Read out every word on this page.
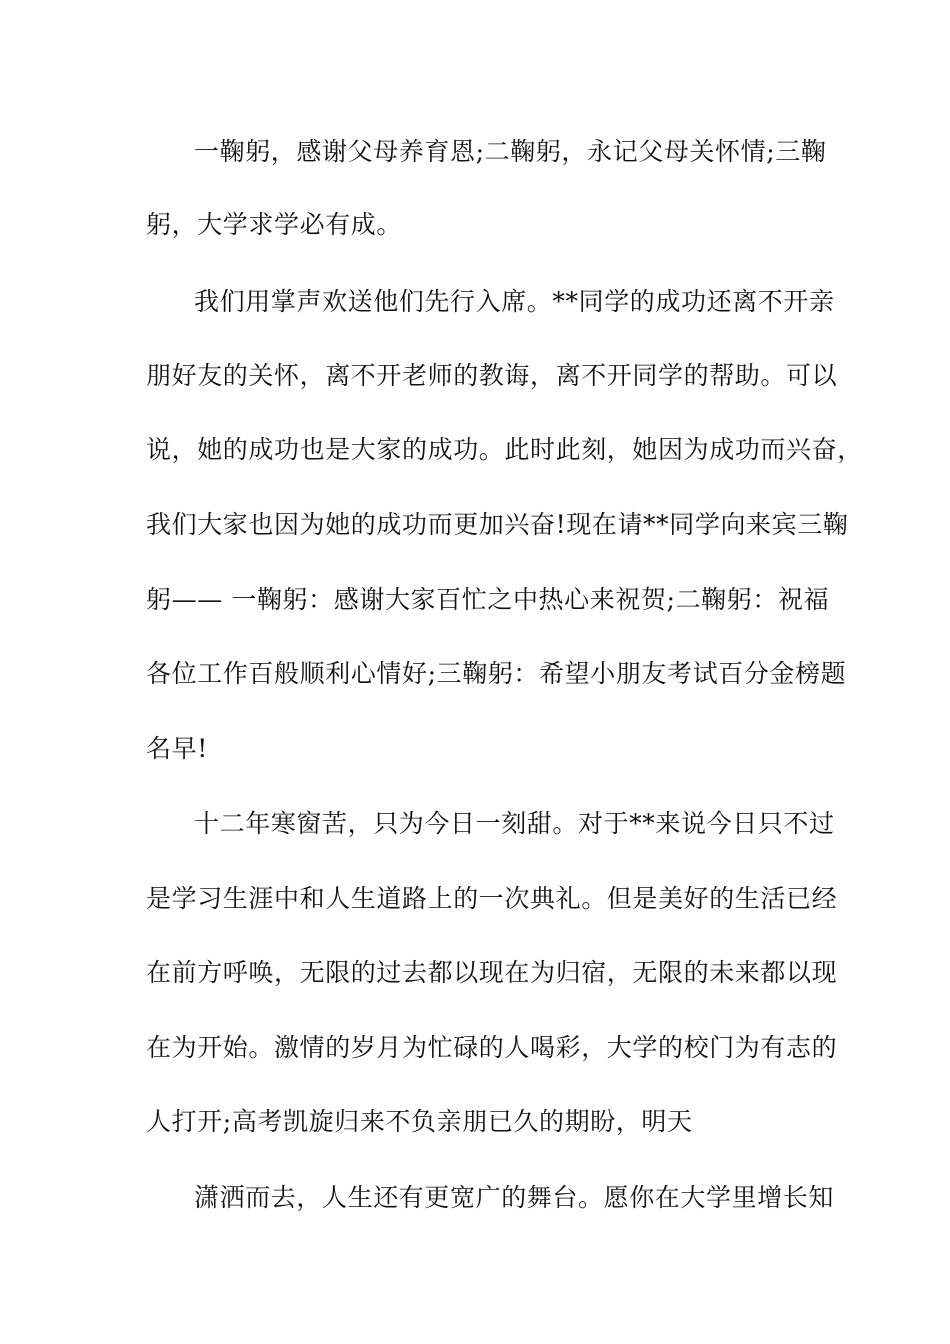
一鞠躬，感谢父母养育恩;二鞠躬，永记父母关怀情;三鞠
躬，大学求学必有成。
我们用掌声欢送他们先行入席。**同学的成功还离不开亲
朋好友的关怀，离不开老师的教诲，离不开同学的帮助。可以
说，她的成功也是大家的成功。此时此刻，她因为成功而兴奋，
我们大家也因为她的成功而更加兴奋!现在请**同学向来宾三鞠
躬—— 一鞠躬：感谢大家百忙之中热心来祝贺;二鞠躬：祝福
各位工作百般顺利心情好;三鞠躬：希望小朋友考试百分金榜题
名早!
十二年寒窗苦，只为今日一刻甜。对于**来说今日只不过
是学习生涯中和人生道路上的一次典礼。但是美好的生活已经
在前方呼唤，无限的过去都以现在为归宿，无限的未来都以现
在为开始。激情的岁月为忙碌的人喝彩，大学的校门为有志的
人打开;高考凯旋归来不负亲朋已久的期盼，明天
潇洒而去，人生还有更宽广的舞台。愿你在大学里增长知
